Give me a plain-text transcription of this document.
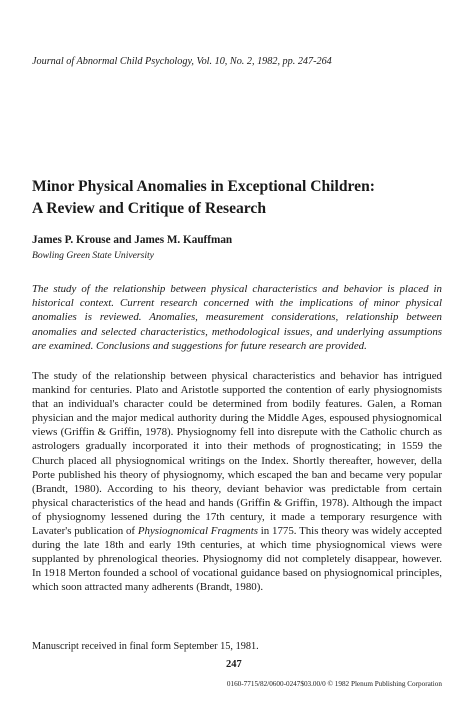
Journal of Abnormal Child Psychology, Vol. 10, No. 2, 1982, pp. 247-264
Minor Physical Anomalies in Exceptional Children:
A Review and Critique of Research
James P. Krouse and James M. Kauffman
Bowling Green State University

The study of the relationship between physical characteristics and behavior is placed in historical context. Current research concerned with the implications of minor physical anomalies is reviewed. Anomalies, measurement considerations, relationship between anomalies and selected characteristics, methodological issues, and underlying assumptions are examined. Conclusions and suggestions for future research are provided.

The study of the relationship between physical characteristics and behavior has intrigued mankind for centuries. Plato and Aristotle supported the contention of early physiognomists that an individual's character could be determined from bodily features. Galen, a Roman physician and the major medical authority during the Middle Ages, espoused physiognomical views (Griffin & Griffin, 1978). Physiognomy fell into disrepute with the Catholic church as astrologers gradually incorporated it into their methods of prognosticating; in 1559 the Church placed all physiognomical writings on the Index. Shortly thereafter, however, della Porte published his theory of physiognomy, which escaped the ban and became very popular (Brandt, 1980). According to his theory, deviant behavior was predictable from certain physical characteristics of the head and hands (Griffin & Griffin, 1978). Although the impact of physiognomy lessened during the 17th century, it made a temporary resurgence with Lavater's publication of Physiognomical Fragments in 1775. This theory was widely accepted during the late 18th and early 19th centuries, at which time physiognomical views were supplanted by phrenological theories. Physiognomy did not completely disappear, however. In 1918 Merton founded a school of vocational guidance based on physiognomical principles, which soon attracted many adherents (Brandt, 1980).

Manuscript received in final form September 15, 1981.
247
0160-7715/82/0600-0247$03.00/0 © 1982 Plenum Publishing Corporation
